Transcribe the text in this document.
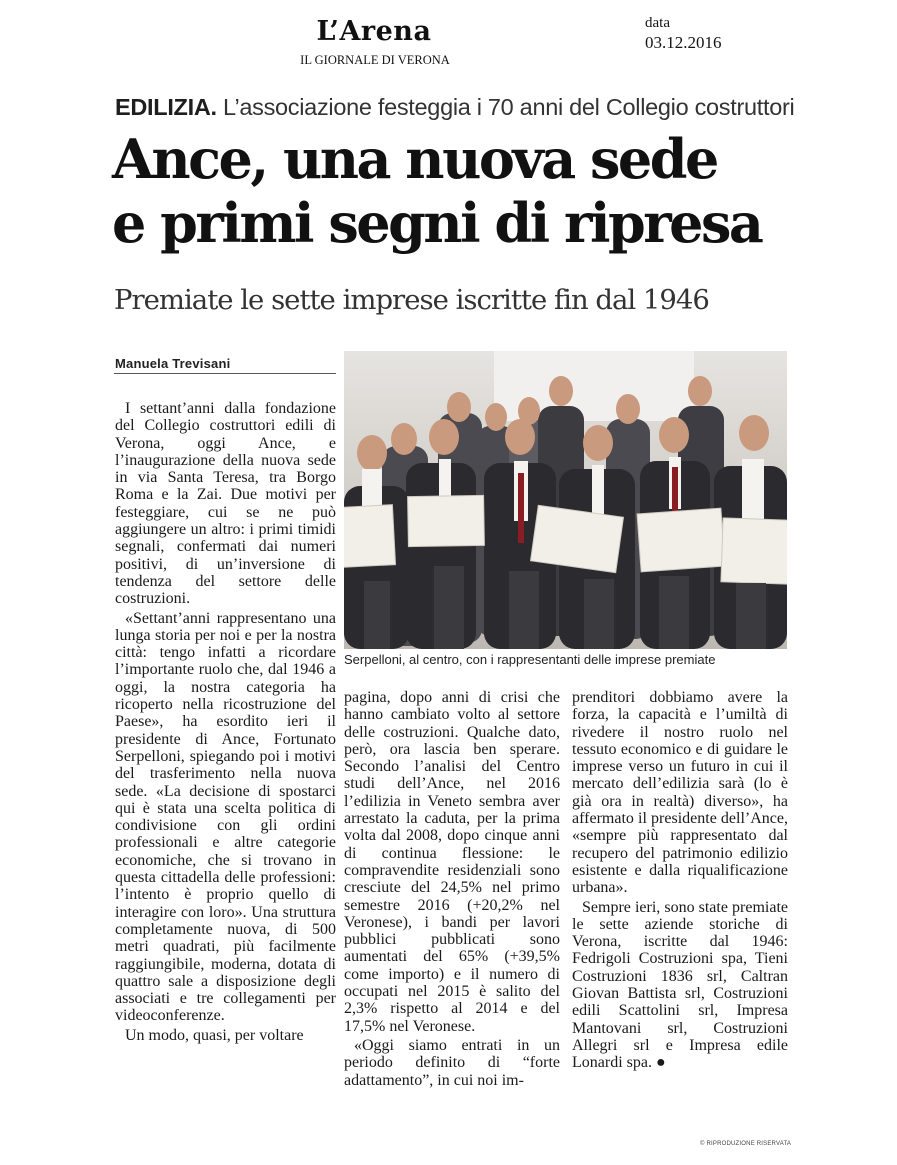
L’Arena
IL GIORNALE DI VERONA
data
03.12.2016
EDILIZIA. L’associazione festeggia i 70 anni del Collegio costruttori
Ance, una nuova sede
e primi segni di ripresa
Premiate le sette imprese iscritte fin dal 1946
Manuela Trevisani

I settant’anni dalla fondazione del Collegio costruttori edili di Verona, oggi Ance, e l’inaugurazione della nuova sede in via Santa Teresa, tra Borgo Roma e la Zai. Due motivi per festeggiare, cui se ne può aggiungere un altro: i primi timidi segnali, confermati dai numeri positivi, di un’inversione di tendenza del settore delle costruzioni.

«Settant’anni rappresentano una lunga storia per noi e per la nostra città: tengo infatti a ricordare l’importante ruolo che, dal 1946 a oggi, la nostra categoria ha ricoperto nella ricostruzione del Paese», ha esordito ieri il presidente di Ance, Fortunato Serpelloni, spiegando poi i motivi del trasferimento nella nuova sede. «La decisione di spostarci qui è stata una scelta politica di condivisione con gli ordini professionali e altre categorie economiche, che si trovano in questa cittadella delle professioni: l’intento è proprio quello di interagire con loro». Una struttura completamente nuova, di 500 metri quadrati, più facilmente raggiungibile, moderna, dotata di quattro sale a disposizione degli associati e tre collegamenti per videoconferenze.

Un modo, quasi, per voltare

Serpelloni, al centro, con i rappresentanti delle imprese premiate

pagina, dopo anni di crisi che hanno cambiato volto al settore delle costruzioni. Qualche dato, però, ora lascia ben sperare. Secondo l’analisi del Centro studi dell’Ance, nel 2016 l’edilizia in Veneto sembra aver arrestato la caduta, per la prima volta dal 2008, dopo cinque anni di continua flessione: le compravendite residenziali sono cresciute del 24,5% nel primo semestre 2016 (+20,2% nel Veronese), i bandi per lavori pubblici pubblicati sono aumentati del 65% (+39,5% come importo) e il numero di occupati nel 2015 è salito del 2,3% rispetto al 2014 e del 17,5% nel Veronese.

«Oggi siamo entrati in un periodo definito di “forte adattamento”, in cui noi im-

prenditori dobbiamo avere la forza, la capacità e l’umiltà di rivedere il nostro ruolo nel tessuto economico e di guidare le imprese verso un futuro in cui il mercato dell’edilizia sarà (lo è già ora in realtà) diverso», ha affermato il presidente dell’Ance, «sempre più rappresentato dal recupero del patrimonio edilizio esistente e dalla riqualificazione urbana».

Sempre ieri, sono state premiate le sette aziende storiche di Verona, iscritte dal 1946: Fedrigoli Costruzioni spa, Tieni Costruzioni 1836 srl, Caltran Giovan Battista srl, Costruzioni edili Scattolini srl, Impresa Mantovani srl, Costruzioni Allegri srl e Impresa edile Lonardi spa. ●

© RIPRODUZIONE RISERVATA
